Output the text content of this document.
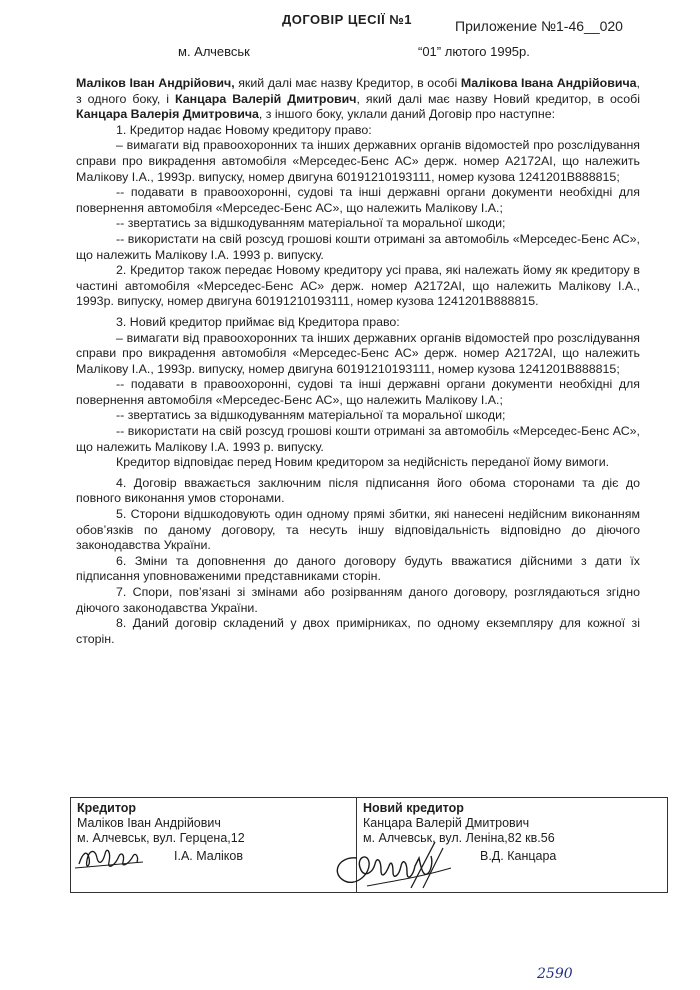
ДОГОВІР ЦЕСІЇ №1	Приложение №1-46__020
м. Алчевськ	“01” лютого 1995р.

Маліков Іван Андрійович, який далі має назву Кредитор, в особі Малікова Івана Андрійовича, з одного боку, і Канцара Валерій Дмитрович, який далі має назву Новий кредитор, в особі Канцара Валерія Дмитровича, з іншого боку, уклали даний Договір про наступне:

1. Кредитор надає Новому кредитору право:

– вимагати від правоохоронних та інших державних органів відомостей про розслідування справи про викрадення автомобіля «Мерседес-Бенс АС» держ. номер А2172АІ, що належить Малікову І.А., 1993р. випуску, номер двигуна 60191210193111, номер кузова 1241201В888815;

-- подавати в правоохоронні, судові та інші державні органи документи необхідні для повернення автомобіля «Мерседес-Бенс АС», що належить Малікову І.А.;

-- звертатись за відшкодуванням матеріальної та моральної шкоди;

-- використати на свій розсуд грошові кошти отримані за автомобіль «Мерседес-Бенс АС», що належить Малікову І.А. 1993 р. випуску.

2. Кредитор також передає Новому кредитору усі права, які належать йому як кредитору в частині автомобіля «Мерседес-Бенс АС» держ. номер А2172АІ, що належить Малікову І.А., 1993р. випуску, номер двигуна 60191210193111, номер кузова 1241201В888815.

3. Новий кредитор приймає від Кредитора право:

– вимагати від правоохоронних та інших державних органів відомостей про розслідування справи про викрадення автомобіля «Мерседес-Бенс АС» держ. номер А2172АІ, що належить Малікову І.А., 1993р. випуску, номер двигуна 60191210193111, номер кузова 1241201В888815;

-- подавати в правоохоронні, судові та інші державні органи документи необхідні для повернення автомобіля «Мерседес-Бенс АС», що належить Малікову І.А.;

-- звертатись за відшкодуванням матеріальної та моральної шкоди;

-- використати на свій розсуд грошові кошти отримані за автомобіль «Мерседес-Бенс АС», що належить Малікову І.А. 1993 р. випуску.

Кредитор відповідає перед Новим кредитором за недійсність переданої йому вимоги.

4. Договір вважається заключним після підписання його обома сторонами та діє до повного виконання умов сторонами.

5. Сторони відшкодовують один одному прямі збитки, які нанесені недійсним виконанням обов’язків по даному договору, та несуть іншу відповідальність відповідно до діючого законодавства України.

6. Зміни та доповнення до даного договору будуть вважатися дійсними з дати їх підписання уповноваженими представниками сторін.

7. Спори, пов’язані зі змінами або розірванням даного договору, розглядаються згідно діючого законодавства України.

8. Даний договір складений у двох примірниках, по одному екземпляру для кожної зі сторін.

Кредитор
Маліков Іван Андрійович
м. Алчевськ, вул. Герцена,12
І.А. Маліков
Новий кредитор
Канцара Валерій Дмитрович
м. Алчевськ, вул. Леніна,82 кв.56
В.Д. Канцара
2590
